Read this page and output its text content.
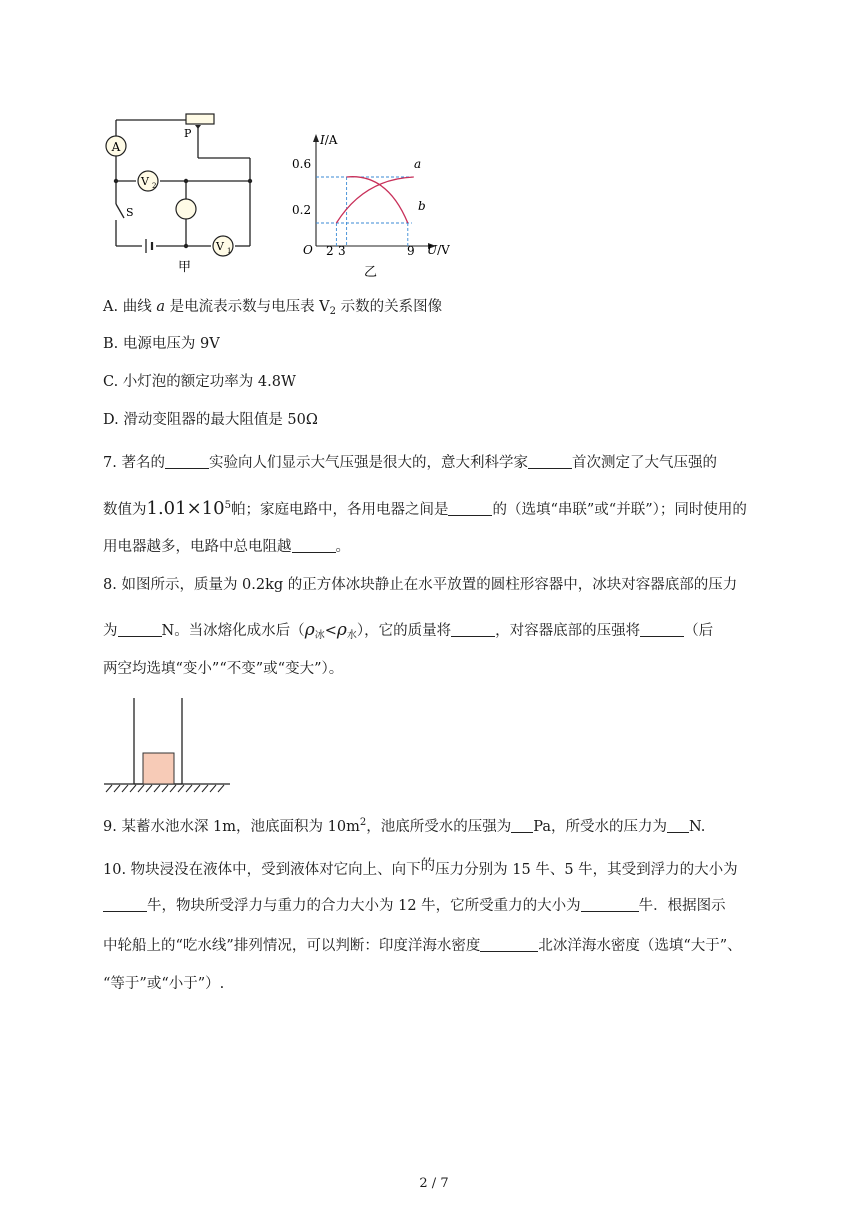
A
V 2
V 1
P
S
甲
I/A
U/V
O
0.6
0.2
2 3	9
a
b
乙
A. 曲线 a 是电流表示数与电压表 $V_2$ 示数的关系图像
B. 电源电压为 9V
C. 小灯泡的额定功率为 4.8W
D. 滑动变阻器的最大阻值是 50Ω
7. 著名的	实验向人们显示大气压强是很大的，意大利科学家	首次测定了大气压强的
数值为$1.01\times 10^5$帕；家庭电路中，各用电器之间是	的（选填“串联”或“并联”）；同时使用的
用电器越多，电路中总电阻越	。
8. 如图所示，质量为 0.2kg 的正方体冰块静止在水平放置的圆柱形容器中，冰块对容器底部的压力
为	N。当冰熔化成水后$(\rho_冰<\rho_水)$，它的质量将	，对容器底部的压强将	（后
两空均选填“变小”“不变”或“变大”）。
9. 某蓄水池水深 1m，池底面积为 $10m^2$，池底所受水的压强为 Pa，所受水的压力为 N.
10. 物块浸没在液体中，受到液体对它向上、向下的压力分别为 15 牛、5 牛，其受到浮力的大小为
牛，物块所受浮力与重力的合力大小为 12 牛，它所受重力的大小为	牛．根据图示
中轮船上的“吃水线”排列情况，可以判断：印度洋海水密度	北冰洋海水密度（选填“大于”、
“等于”或“小于”）.
2 / 7
